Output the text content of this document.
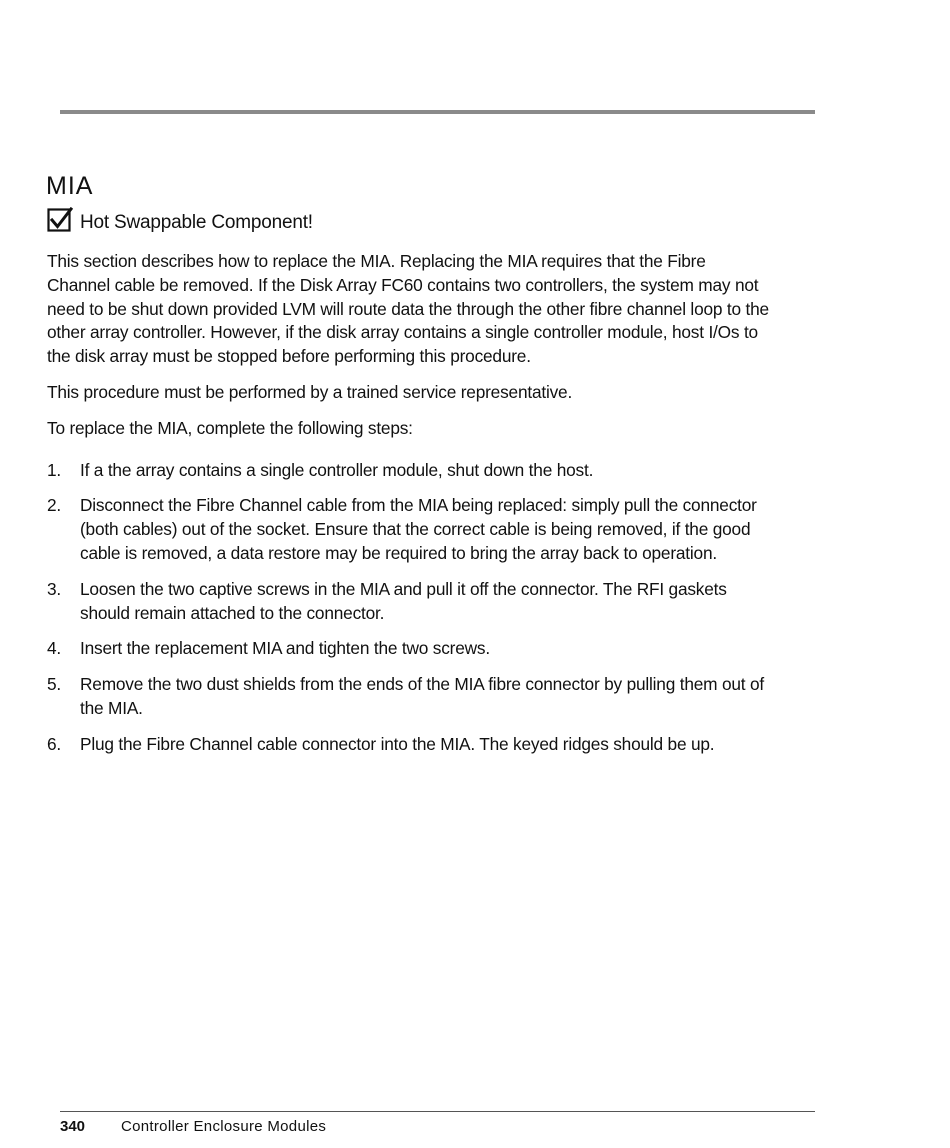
MIA
Hot Swappable Component!

This section describes how to replace the MIA. Replacing the MIA requires that the Fibre Channel cable be removed. If the Disk Array FC60 contains two controllers, the system may not need to be shut down provided LVM will route data the through the other fibre channel loop to the other array controller. However, if the disk array contains a single controller module, host I/Os to the disk array must be stopped before performing this procedure.

This procedure must be performed by a trained service representative.

To replace the MIA, complete the following steps:

1. If a the array contains a single controller module, shut down the host.
2. Disconnect the Fibre Channel cable from the MIA being replaced: simply pull the connector (both cables) out of the socket. Ensure that the correct cable is being removed, if the good cable is removed, a data restore may be required to bring the array back to operation.
3. Loosen the two captive screws in the MIA and pull it off the connector. The RFI gaskets should remain attached to the connector.
4. Insert the replacement MIA and tighten the two screws.
5. Remove the two dust shields from the ends of the MIA fibre connector by pulling them out of the MIA.
6. Plug the Fibre Channel cable connector into the MIA. The keyed ridges should be up.
340	Controller Enclosure Modules
